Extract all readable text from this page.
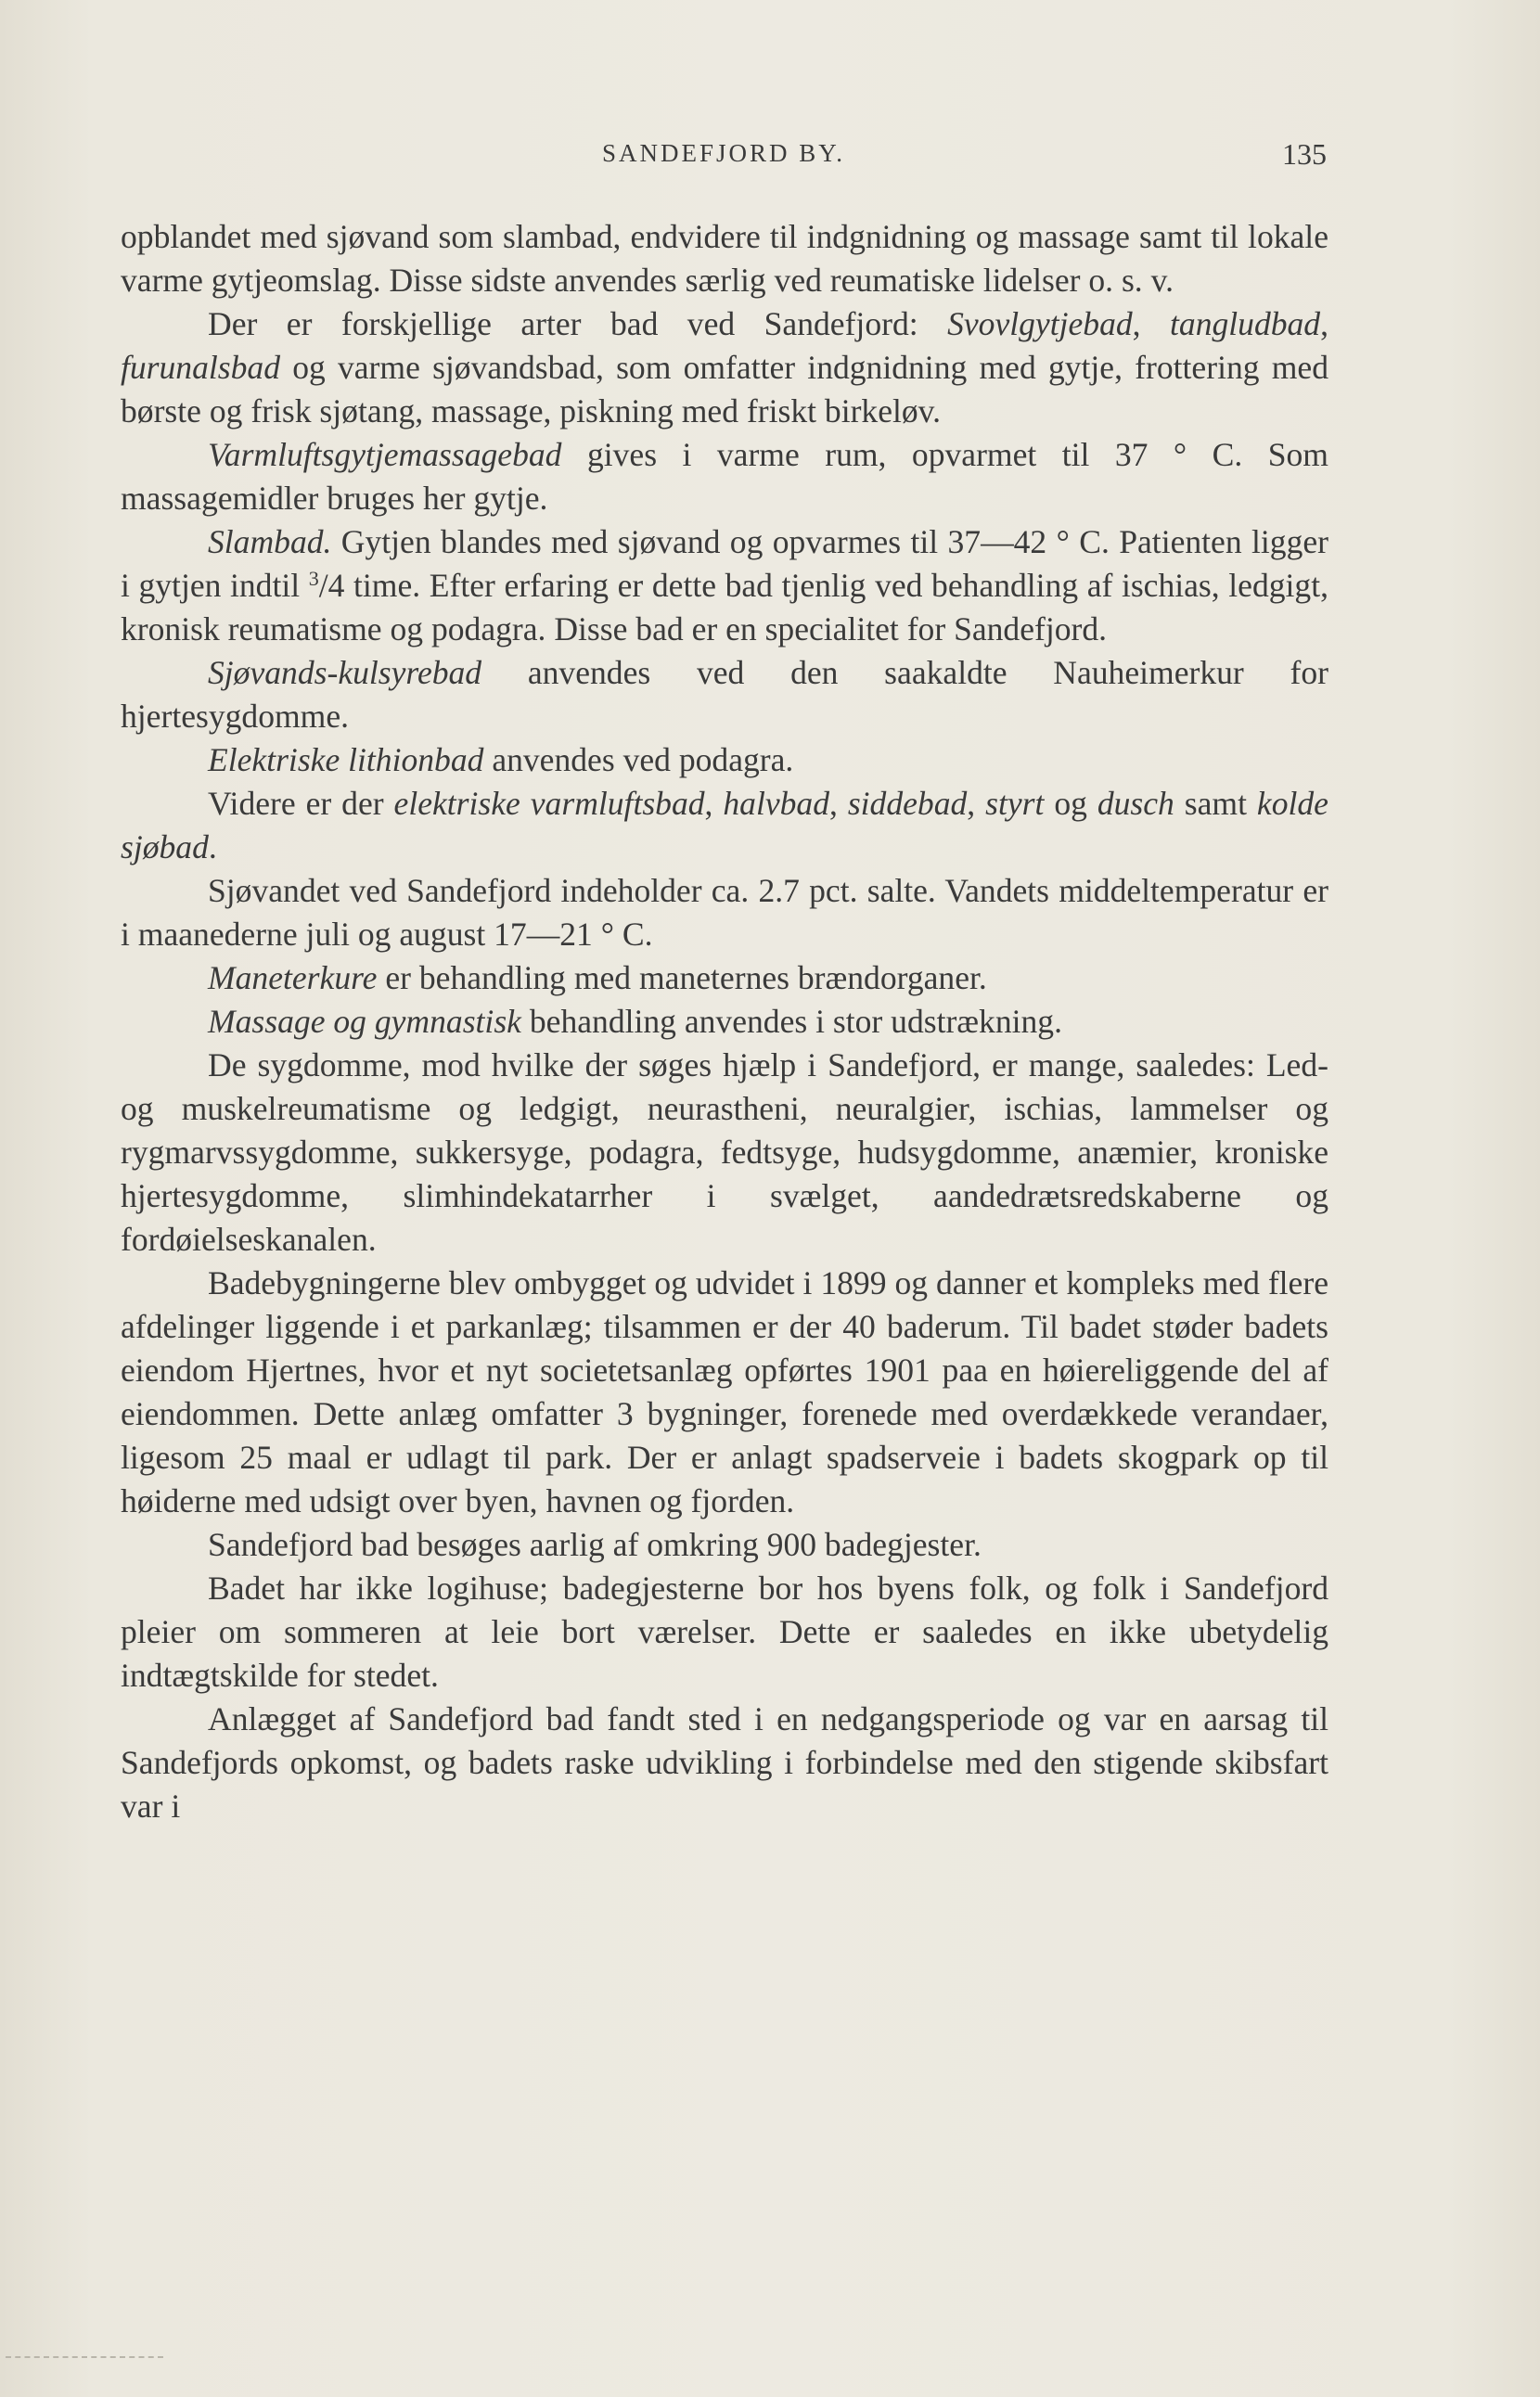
SANDEFJORD BY.	135

opblandet med sjøvand som slambad, endvidere til indgnidning og massage samt til lokale varme gytjeomslag. Disse sidste anvendes særlig ved reumatiske lidelser o. s. v.

Der er forskjellige arter bad ved Sandefjord: Svovlgytjebad, tangludbad, furunalsbad og varme sjøvandsbad, som omfatter indgnidning med gytje, frottering med børste og frisk sjøtang, massage, piskning med friskt birkeløv.

Varmluftsgytjemassagebad gives i varme rum, opvarmet til 37 ° C. Som massagemidler bruges her gytje.

Slambad. Gytjen blandes med sjøvand og opvarmes til 37—42 ° C. Patienten ligger i gytjen indtil $^3$/4 time. Efter erfaring er dette bad tjenlig ved behandling af ischias, ledgigt, kronisk reumatisme og podagra. Disse bad er en specialitet for Sandefjord.

Sjøvands-kulsyrebad anvendes ved den saakaldte Nauheimerkur for hjertesygdomme.

Elektriske lithionbad anvendes ved podagra.

Videre er der elektriske varmluftsbad, halvbad, siddebad, styrt og dusch samt kolde sjøbad.

Sjøvandet ved Sandefjord indeholder ca. 2.7 pct. salte. Vandets middeltemperatur er i maanederne juli og august 17—21 ° C.

Maneterkure er behandling med maneternes brændorganer.

Massage og gymnastisk behandling anvendes i stor udstrækning.

De sygdomme, mod hvilke der søges hjælp i Sandefjord, er mange, saaledes: Led- og muskelreumatisme og ledgigt, neurastheni, neuralgier, ischias, lammelser og rygmarvssygdomme, sukkersyge, podagra, fedtsyge, hudsygdomme, anæmier, kroniske hjertesygdomme, slimhindekatarrher i svælget, aandedrætsredskaberne og fordøielseskanalen.

Badebygningerne blev ombygget og udvidet i 1899 og danner et kompleks med flere afdelinger liggende i et parkanlæg; tilsammen er der 40 baderum. Til badet støder badets eiendom Hjertnes, hvor et nyt societetsanlæg opførtes 1901 paa en høiereliggende del af eiendommen. Dette anlæg omfatter 3 bygninger, forenede med overdækkede verandaer, ligesom 25 maal er udlagt til park. Der er anlagt spadserveie i badets skogpark op til høiderne med udsigt over byen, havnen og fjorden.

Sandefjord bad besøges aarlig af omkring 900 badegjester.

Badet har ikke logihuse; badegjesterne bor hos byens folk, og folk i Sandefjord pleier om sommeren at leie bort værelser. Dette er saaledes en ikke ubetydelig indtægtskilde for stedet.

Anlægget af Sandefjord bad fandt sted i en nedgangsperiode og var en aarsag til Sandefjords opkomst, og badets raske udvikling i forbindelse med den stigende skibsfart var i
